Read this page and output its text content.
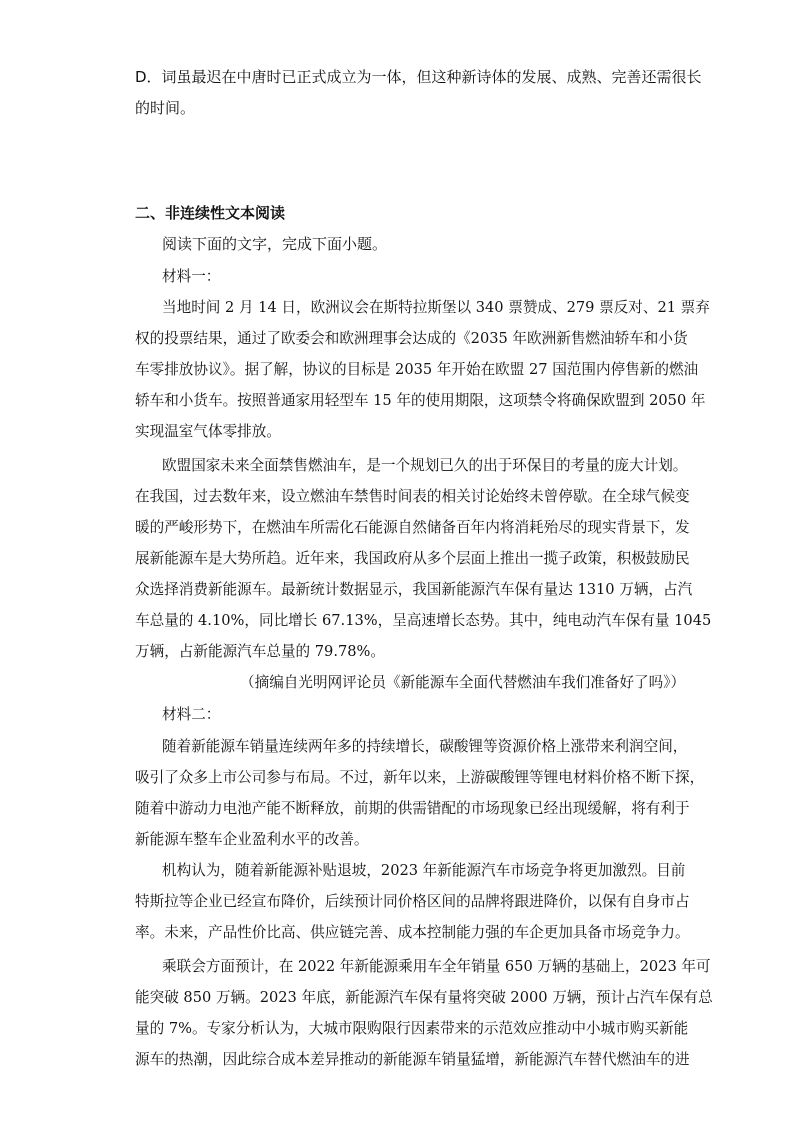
D．词虽最迟在中唐时已正式成立为一体，但这种新诗体的发展、成熟、完善还需很长
的时间。
二、非连续性文本阅读
阅读下面的文字，完成下面小题。
材料一：
当地时间 2 月 14 日，欧洲议会在斯特拉斯堡以 340 票赞成、279 票反对、21 票弃
权的投票结果，通过了欧委会和欧洲理事会达成的《2035 年欧洲新售燃油轿车和小货
车零排放协议》。据了解，协议的目标是 2035 年开始在欧盟 27 国范围内停售新的燃油
轿车和小货车。按照普通家用轻型车 15 年的使用期限，这项禁令将确保欧盟到 2050 年
实现温室气体零排放。
欧盟国家未来全面禁售燃油车，是一个规划已久的出于环保目的考量的庞大计划。
在我国，过去数年来，设立燃油车禁售时间表的相关讨论始终未曾停歇。在全球气候变
暖的严峻形势下，在燃油车所需化石能源自然储备百年内将消耗殆尽的现实背景下，发
展新能源车是大势所趋。近年来，我国政府从多个层面上推出一揽子政策，积极鼓励民
众选择消费新能源车。最新统计数据显示，我国新能源汽车保有量达 1310 万辆，占汽
车总量的 4.10%，同比增长 67.13%，呈高速增长态势。其中，纯电动汽车保有量 1045
万辆，占新能源汽车总量的 79.78%。
（摘编自光明网评论员《新能源车全面代替燃油车我们准备好了吗》）
材料二：
随着新能源车销量连续两年多的持续增长，碳酸锂等资源价格上涨带来利润空间，
吸引了众多上市公司参与布局。不过，新年以来，上游碳酸锂等锂电材料价格不断下探，
随着中游动力电池产能不断释放，前期的供需错配的市场现象已经出现缓解，将有利于
新能源车整车企业盈利水平的改善。
机构认为，随着新能源补贴退坡，2023 年新能源汽车市场竞争将更加激烈。目前
特斯拉等企业已经宣布降价，后续预计同价格区间的品牌将跟进降价，以保有自身市占
率。未来，产品性价比高、供应链完善、成本控制能力强的车企更加具备市场竞争力。
乘联会方面预计，在 2022 年新能源乘用车全年销量 650 万辆的基础上，2023 年可
能突破 850 万辆。2023 年底，新能源汽车保有量将突破 2000 万辆，预计占汽车保有总
量的 7%。专家分析认为，大城市限购限行因素带来的示范效应推动中小城市购买新能
源车的热潮，因此综合成本差异推动的新能源车销量猛增，新能源汽车替代燃油车的进
